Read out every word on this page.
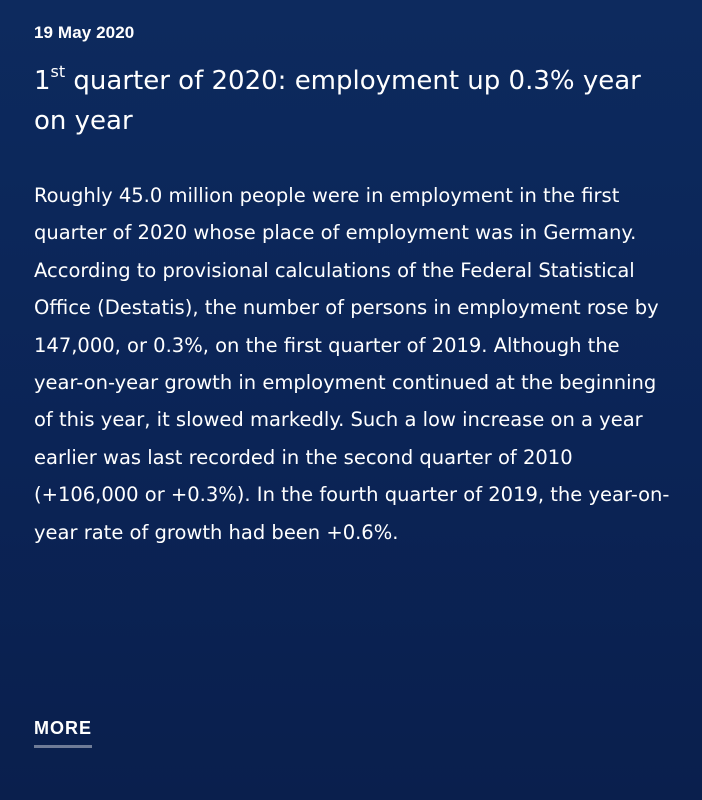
19 May 2020

1st quarter of 2020: employment up 0.3% year on year

Roughly 45.0 million people were in employment in the first quarter of 2020 whose place of employment was in Germany. According to provisional calculations of the Federal Statistical Office (Destatis), the number of persons in employment rose by 147,000, or 0.3%, on the first quarter of 2019. Although the year-on-year growth in employment continued at the beginning of this year, it slowed markedly. Such a low increase on a year earlier was last recorded in the second quarter of 2010 (+106,000 or +0.3%). In the fourth quarter of 2019, the year-on-year rate of growth had been +0.6%.

MORE
